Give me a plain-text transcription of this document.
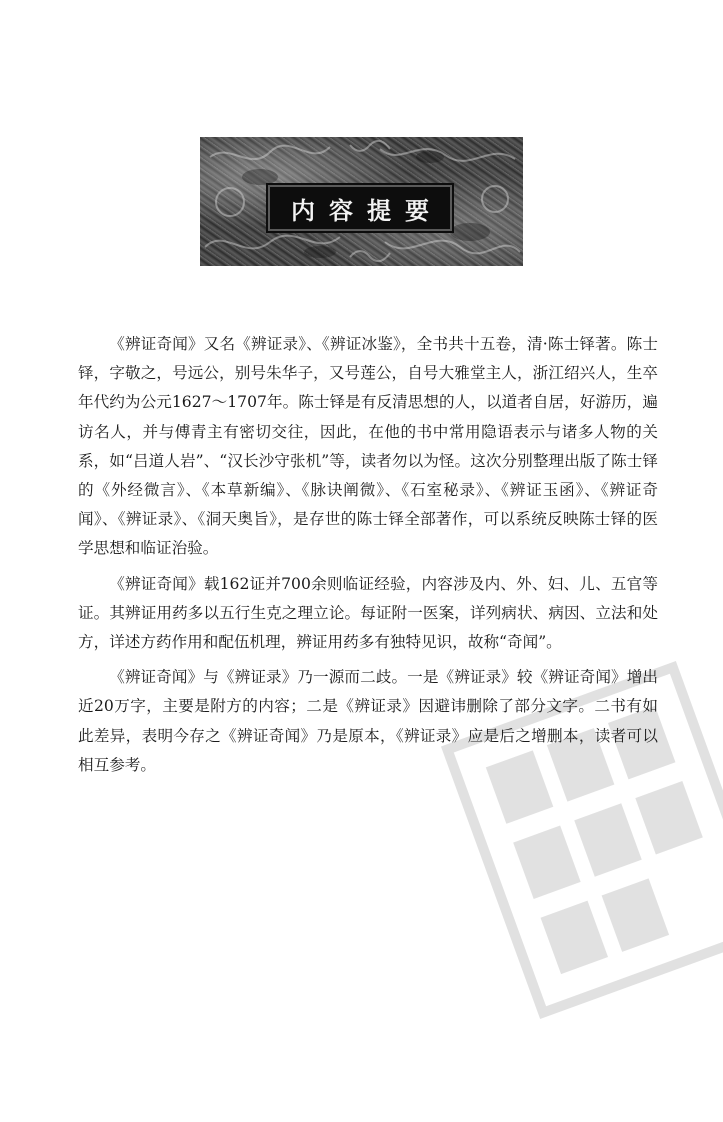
内容提要

《辨证奇闻》又名《辨证录》、《辨证冰鉴》，全书共十五卷，清·陈士铎著。陈士铎，字敬之，号远公，别号朱华子，又号莲公，自号大雅堂主人，浙江绍兴人，生卒年代约为公元1627～1707年。陈士铎是有反清思想的人，以道者自居，好游历，遍访名人，并与傅青主有密切交往，因此，在他的书中常用隐语表示与诸多人物的关系，如“吕道人岩”、“汉长沙守张机”等，读者勿以为怪。这次分别整理出版了陈士铎的《外经微言》、《本草新编》、《脉诀阐微》、《石室秘录》、《辨证玉函》、《辨证奇闻》、《辨证录》、《洞天奥旨》，是存世的陈士铎全部著作，可以系统反映陈士铎的医学思想和临证治验。

《辨证奇闻》载162证并700余则临证经验，内容涉及内、外、妇、儿、五官等证。其辨证用药多以五行生克之理立论。每证附一医案，详列病状、病因、立法和处方，详述方药作用和配伍机理，辨证用药多有独特见识，故称“奇闻”。

《辨证奇闻》与《辨证录》乃一源而二歧。一是《辨证录》较《辨证奇闻》增出近20万字，主要是附方的内容；二是《辨证录》因避讳删除了部分文字。二书有如此差异，表明今存之《辨证奇闻》乃是原本，《辨证录》应是后之增删本，读者可以相互参考。
